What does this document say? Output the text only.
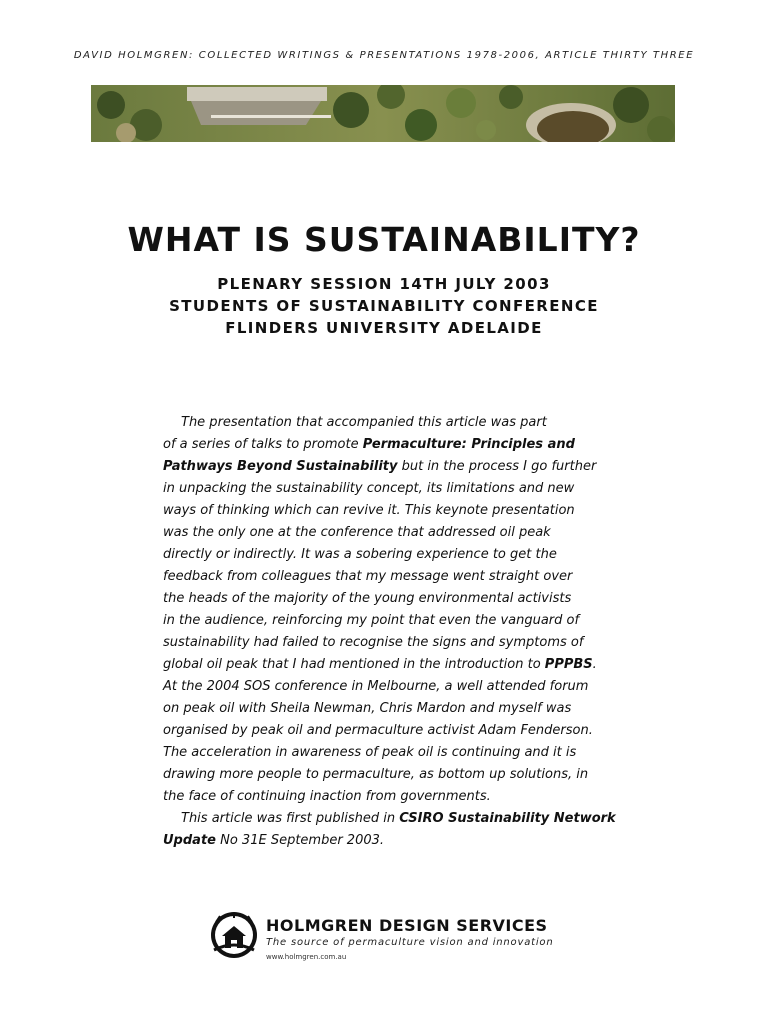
DAVID HOLMGREN: COLLECTED WRITINGS & PRESENTATIONS 1978-2006, ARTICLE THIRTY THREE
WHAT IS SUSTAINABILITY?
PLENARY SESSION 14TH JULY 2003
STUDENTS OF SUSTAINABILITY CONFERENCE
FLINDERS UNIVERSITY ADELAIDE
The presentation that accompanied this article was part
of a series of talks to promote Permaculture: Principles and
Pathways Beyond Sustainability but in the process I go further
in unpacking the sustainability concept, its limitations and new
ways of thinking which can revive it. This keynote presentation
was the only one at the conference that addressed oil peak
directly or indirectly. It was a sobering experience to get the
feedback from colleagues that my message went straight over
the heads of the majority of the young environmental activists
in the audience, reinforcing my point that even the vanguard of
sustainability had failed to recognise the signs and symptoms of
global oil peak that I had mentioned in the introduction to PPPBS.
At the 2004 SOS conference in Melbourne, a well attended forum
on peak oil with Sheila Newman, Chris Mardon and myself was
organised by peak oil and permaculture activist Adam Fenderson.
The acceleration in awareness of peak oil is continuing and it is
drawing more people to permaculture, as bottom up solutions, in
the face of continuing inaction from governments.
This article was first published in CSIRO Sustainability Network
Update No 31E September 2003.
HOLMGREN DESIGN SERVICES
The source of permaculture vision and innovation
www.holmgren.com.au
